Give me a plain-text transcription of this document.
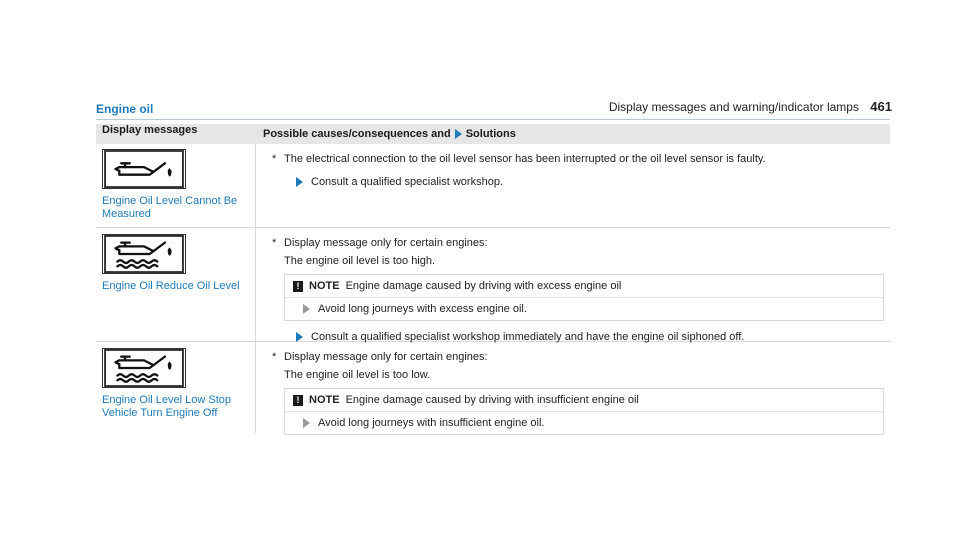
Display messages and warning/indicator lamps 461
Engine oil
Display messages	Possible causes/consequences and Solutions
Engine Oil Level Cannot Be Measured
* The electrical connection to the oil level sensor has been interrupted or the oil level sensor is faulty.
Consult a qualified specialist workshop.
Engine Oil Reduce Oil Level
* Display message only for certain engines:
The engine oil level is too high.
! NOTE Engine damage caused by driving with excess engine oil
Avoid long journeys with excess engine oil.
Consult a qualified specialist workshop immediately and have the engine oil siphoned off.
Engine Oil Level Low Stop Vehicle Turn Engine Off
* Display message only for certain engines:
The engine oil level is too low.
! NOTE Engine damage caused by driving with insufficient engine oil
Avoid long journeys with insufficient engine oil.
